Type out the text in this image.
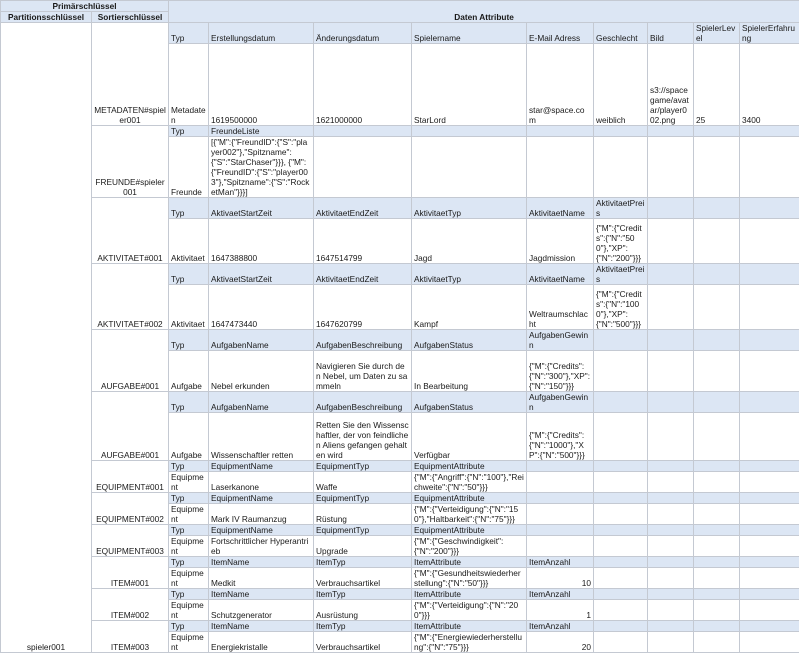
Primärschlüssel		Daten Attribute								
Partitionsschlüssel	Sortierschlüssel									
spieler001	METADATEN#spieler001	Typ	Erstellungsdatum	Änderungsdatum	Spielername	E-Mail Adress	Geschlecht	Bild	SpielerLevel	SpielerErfahrung
		Metadaten	1619500000	1621000000	StarLord	star@space.com	weiblich	s3://spacegame/avatar/player002.png	25	3400
	FREUNDE#spieler001	Typ	FreundeListe							
		Freunde	[{"M":{"FreundID":{"S":"player002"},"Spitzname":{"S":"StarChaser"}}}, {"M":{"FreundID":{"S":"player003"},"Spitzname":{"S":"RocketMan"}}}]							
	AKTIVITAET#001	Typ	AktivaetStartZeit	AktivitaetEndZeit	AktivitaetTyp	AktivitaetName	AktivitaetPreis			
		Aktivitaet	1647388800	1647514799	Jagd	Jagdmission	{"M":{"Credits":{"N":"500"},"XP":{"N":"200"}}}			
	AKTIVITAET#002	Typ	AktivaetStartZeit	AktivitaetEndZeit	AktivitaetTyp	AktivitaetName	AktivitaetPreis			
		Aktivitaet	1647473440	1647620799	Kampf	Weltraumschlacht	{"M":{"Credits":{"N":"1000"},"XP":{"N":"500"}}}			
	AUFGABE#001	Typ	AufgabenName	AufgabenBeschreibung	AufgabenStatus	AufgabenGewinn				
		Aufgabe	Nebel erkunden	Navigieren Sie durch den Nebel, um Daten zu sammeln	In Bearbeitung	{"M":{"Credits":{"N":"300"},"XP":{"N":"150"}}}				
	AUFGABE#001	Typ	AufgabenName	AufgabenBeschreibung	AufgabenStatus	AufgabenGewinn				
		Aufgabe	Wissenschaftler retten	Retten Sie den Wissenschaftler, der von feindlichen Aliens gefangen gehalten wird	Verfügbar	{"M":{"Credits":{"N":"1000"},"XP":{"N":"500"}}}				
	EQUIPMENT#001	Typ	EquipmentName	EquipmentTyp	EquipmentAttribute					
		Equipment	Laserkanone	Waffe	{"M":{"Angriff":{"N":"100"},"Reichweite":{"N":"50"}}}					
	EQUIPMENT#002	Typ	EquipmentName	EquipmentTyp	EquipmentAttribute					
		Equipment	Mark IV Raumanzug	Rüstung	{"M":{"Verteidigung":{"N":"150"},"Haltbarkeit":{"N":"75"}}}					
	EQUIPMENT#003	Typ	EquipmentName	EquipmentTyp	EquipmentAttribute					
		Equipment	Fortschrittlicher Hyperantrieb	Upgrade	{"M":{"Geschwindigkeit":{"N":"200"}}}					
	ITEM#001	Typ	ItemName	ItemTyp	ItemAttribute	ItemAnzahl				
		Equipment	Medkit	Verbrauchsartikel	{"M":{"Gesundheitswiederherstellung":{"N":"50"}}}	10				
	ITEM#002	Typ	ItemName	ItemTyp	ItemAttribute	ItemAnzahl				
		Equipment	Schutzgenerator	Ausrüstung	{"M":{"Verteidigung":{"N":"200"}}}	1				
	ITEM#003	Typ	ItemName	ItemTyp	ItemAttribute	ItemAnzahl				
		Equipment	Energiekristalle	Verbrauchsartikel	{"M":{"Energiewiederherstellung":{"N":"75"}}}	20				
